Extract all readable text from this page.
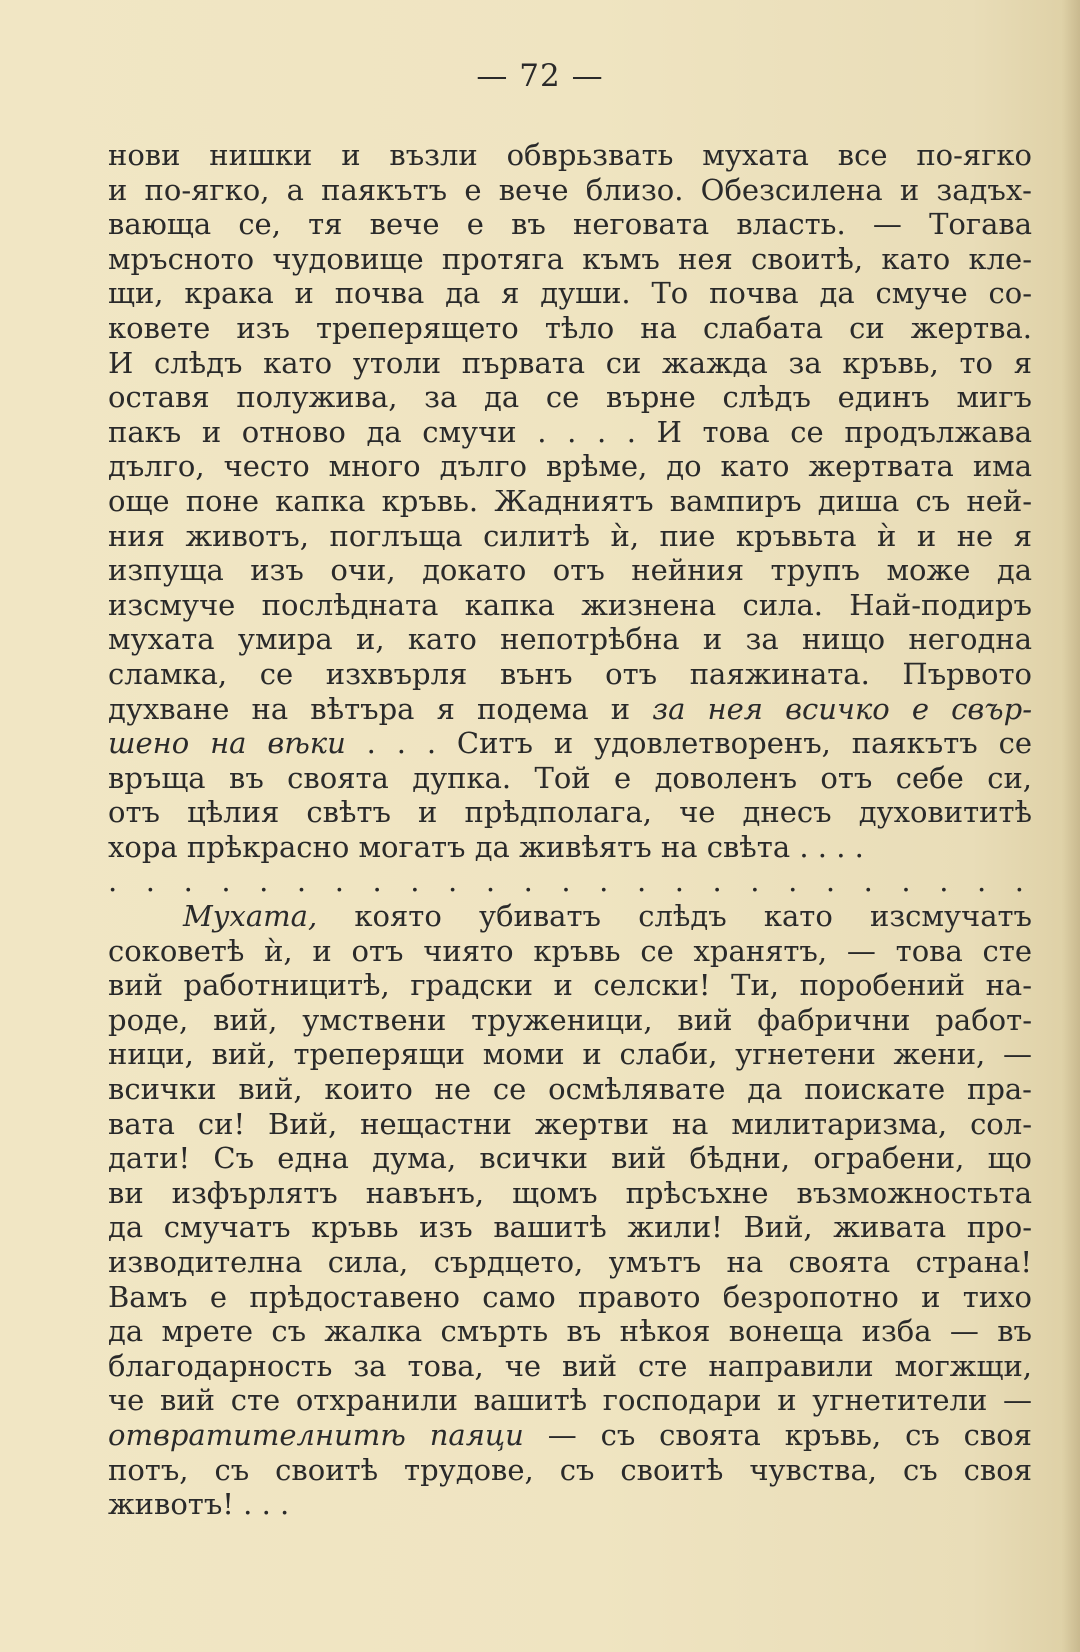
— 72 —
нови нишки и възли обврьзвать мухата все по-ягко
и по-ягко, а паякътъ е вече близо. Обезсилена и задъх-
вающа се, тя вече е въ неговата власть. — Тогава
мръсното чудовище протяга къмъ нея своитѣ, като кле-
щи, крака и почва да я души. То почва да смуче со-
ковете изъ треперящето тѣло на слабата си жертва.
И слѣдъ като утоли първата си жажда за кръвь, то я
оставя полужива, за да се върне слѣдъ единъ мигъ
пакъ и отново да смучи . . . . И това се продължава
дълго, често много дълго врѣме, до като жертвата има
още поне капка кръвь. Жадниятъ вампиръ диша съ ней-
ния животъ, поглъща силитѣ ѝ, пие кръвьта ѝ и не я
изпуща изъ очи, докато отъ нейния трупъ може да
изсмуче послѣдната капка жизнена сила. Най-подиръ
мухата умира и, като непотрѣбна и за нищо негодна
сламка, се изхвърля вънъ отъ паяжината. Първото
духване на вѣтъра я подема и за нея всичко е свър-
шено на вѣки . . . Ситъ и удовлетворенъ, паякътъ се
връща въ своята дупка. Той е доволенъ отъ себе си,
отъ цѣлия свѣтъ и прѣдполага, че днесъ духовититѣ
хора прѣкрасно могатъ да живѣятъ на свѣта . . . .
. . . . . . . . . . . . . . . . . . . . . . . . .
Мухата, която убиватъ слѣдъ като изсмучатъ
соковетѣ ѝ, и отъ чиято кръвь се хранятъ, — това сте
вий работницитѣ, градски и селски! Ти, поробений на-
роде, вий, умствени труженици, вий фабрични работ-
ници, вий, треперящи моми и слаби, угнетени жени, —
всички вий, които не се осмѣлявате да поискате пра-
вата си! Вий, нещастни жертви на милитаризма, сол-
дати! Съ една дума, всички вий бѣдни, ограбени, що
ви изфърлятъ навънъ, щомъ прѣсъхне възможностьта
да смучатъ кръвь изъ вашитѣ жили! Вий, живата про-
изводителна сила, сърдцето, умътъ на своята страна!
Вамъ е прѣдоставено само правото безропотно и тихо
да мрете съ жалка смърть въ нѣкоя вонеща изба — въ
благодарность за това, че вий сте направили могжщи,
че вий сте отхранили вашитѣ господари и угнетители —
отвратителнитѣ паяци — съ своята кръвь, съ своя
потъ, съ своитѣ трудове, съ своитѣ чувства, съ своя
животъ! . . .
